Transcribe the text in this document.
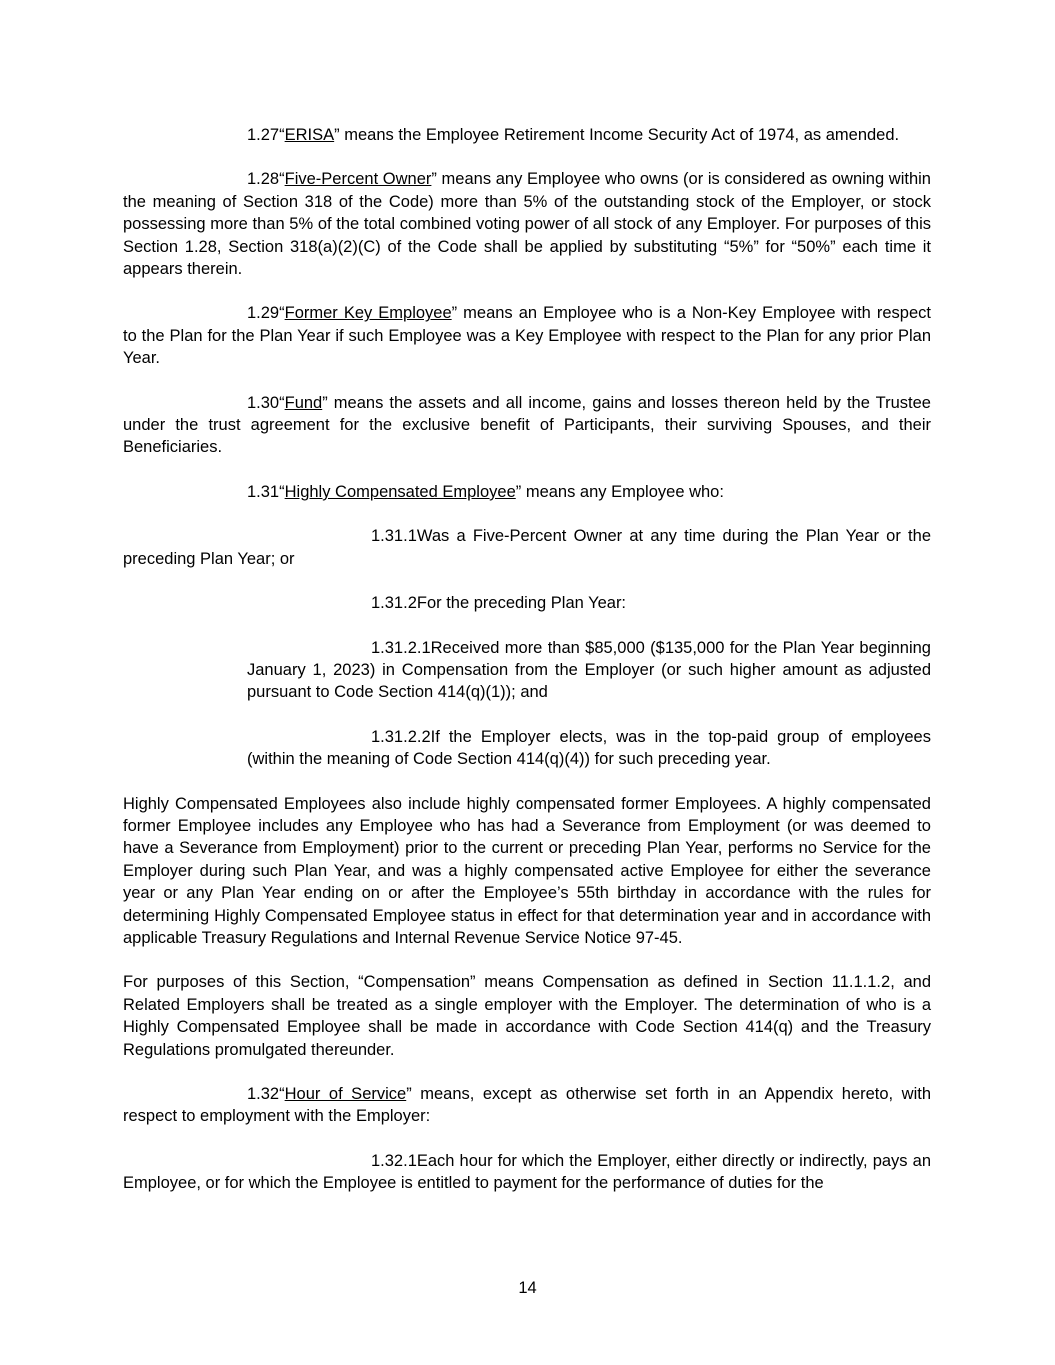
1.27“ERISA” means the Employee Retirement Income Security Act of 1974, as amended.

1.28“Five-Percent Owner” means any Employee who owns (or is considered as owning within the meaning of Section 318 of the Code) more than 5% of the outstanding stock of the Employer, or stock possessing more than 5% of the total combined voting power of all stock of any Employer. For purposes of this Section 1.28, Section 318(a)(2)(C) of the Code shall be applied by substituting “5%” for “50%” each time it appears therein.

1.29“Former Key Employee” means an Employee who is a Non-Key Employee with respect to the Plan for the Plan Year if such Employee was a Key Employee with respect to the Plan for any prior Plan Year.

1.30“Fund” means the assets and all income, gains and losses thereon held by the Trustee under the trust agreement for the exclusive benefit of Participants, their surviving Spouses, and their Beneficiaries.

1.31“Highly Compensated Employee” means any Employee who:

1.31.1Was a Five-Percent Owner at any time during the Plan Year or the preceding Plan Year; or

1.31.2For the preceding Plan Year:

1.31.2.1Received more than $85,000 ($135,000 for the Plan Year beginning January 1, 2023) in Compensation from the Employer (or such higher amount as adjusted pursuant to Code Section 414(q)(1)); and

1.31.2.2If the Employer elects, was in the top-paid group of employees (within the meaning of Code Section 414(q)(4)) for such preceding year.

Highly Compensated Employees also include highly compensated former Employees. A highly compensated former Employee includes any Employee who has had a Severance from Employment (or was deemed to have a Severance from Employment) prior to the current or preceding Plan Year, performs no Service for the Employer during such Plan Year, and was a highly compensated active Employee for either the severance year or any Plan Year ending on or after the Employee’s 55th birthday in accordance with the rules for determining Highly Compensated Employee status in effect for that determination year and in accordance with applicable Treasury Regulations and Internal Revenue Service Notice 97-45.

For purposes of this Section, “Compensation” means Compensation as defined in Section 11.1.1.2, and Related Employers shall be treated as a single employer with the Employer. The determination of who is a Highly Compensated Employee shall be made in accordance with Code Section 414(q) and the Treasury Regulations promulgated thereunder.

1.32“Hour of Service” means, except as otherwise set forth in an Appendix hereto, with respect to employment with the Employer:

1.32.1Each hour for which the Employer, either directly or indirectly, pays an Employee, or for which the Employee is entitled to payment for the performance of duties for the

14
